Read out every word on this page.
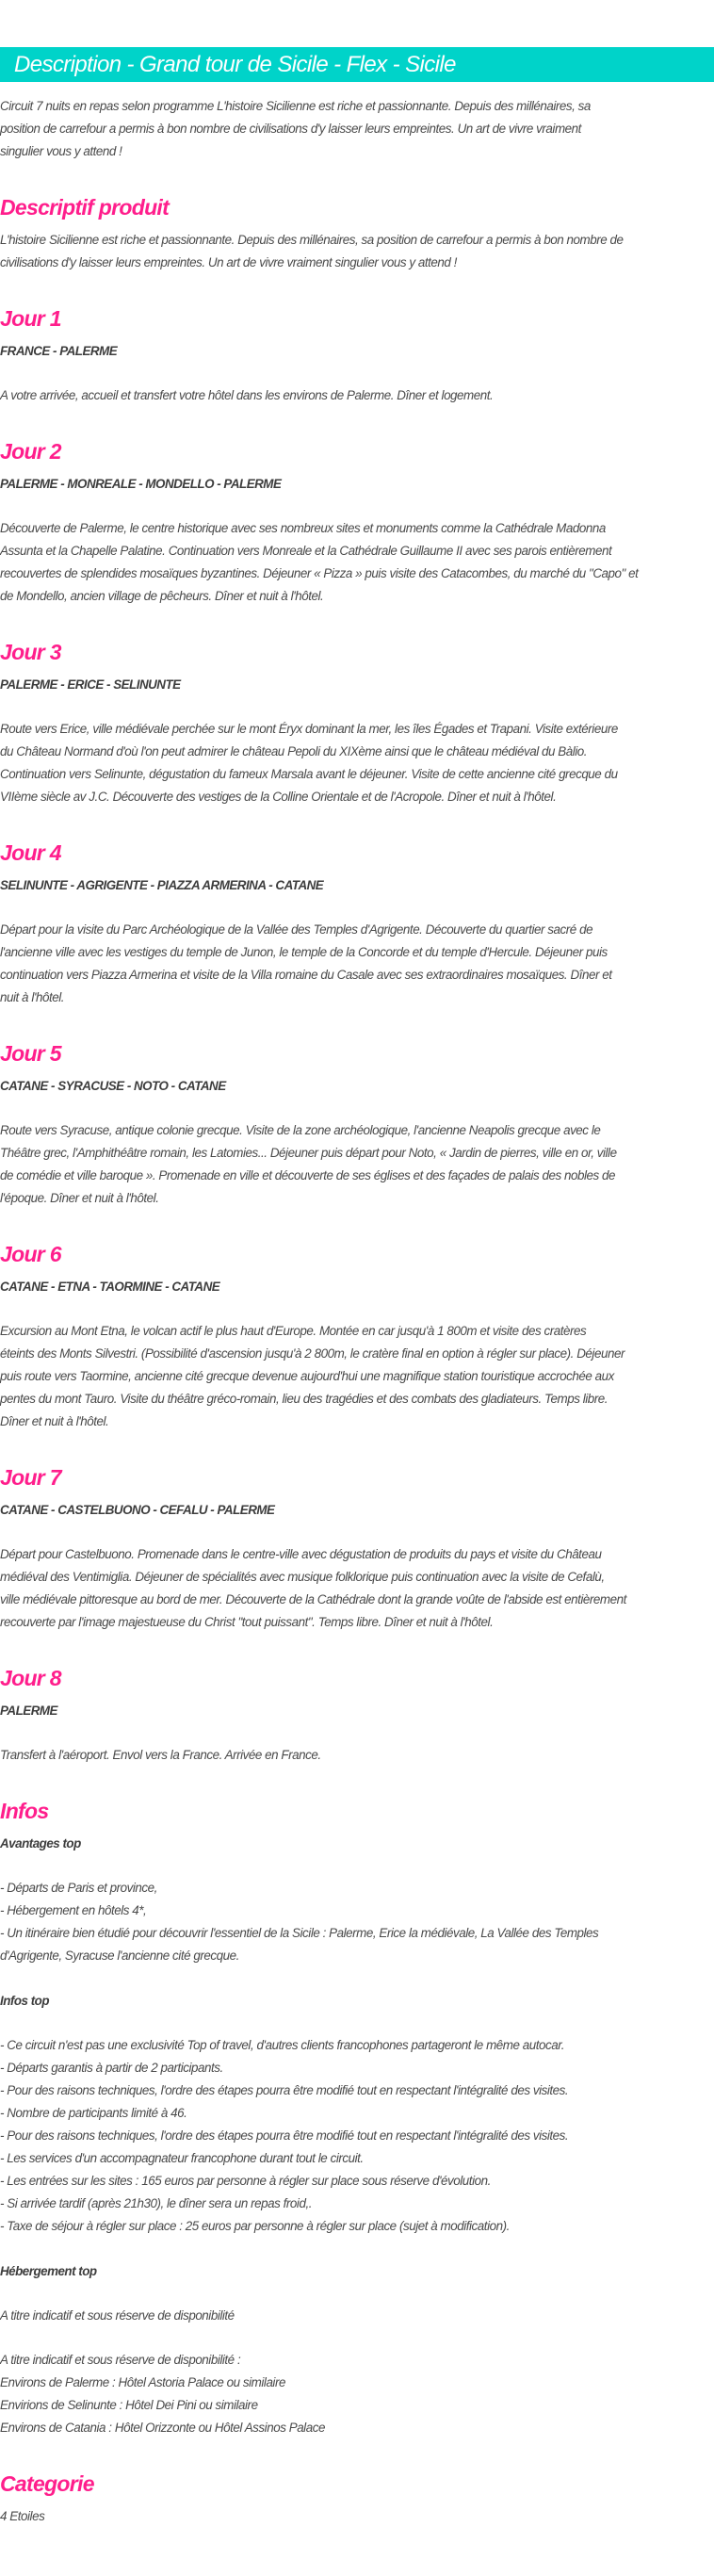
Description - Grand tour de Sicile - Flex - Sicile
Circuit 7 nuits en repas selon programme L'histoire Sicilienne est riche et passionnante. Depuis des millénaires, sa
position de carrefour a permis à bon nombre de civilisations d'y laisser leurs empreintes. Un art de vivre vraiment
singulier vous y attend !
Descriptif produit
L'histoire Sicilienne est riche et passionnante. Depuis des millénaires, sa position de carrefour a permis à bon nombre de
civilisations d'y laisser leurs empreintes. Un art de vivre vraiment singulier vous y attend !
Jour 1
FRANCE - PALERME
A votre arrivée, accueil et transfert votre hôtel dans les environs de Palerme. Dîner et logement.
Jour 2
PALERME - MONREALE - MONDELLO - PALERME
Découverte de Palerme, le centre historique avec ses nombreux sites et monuments comme la Cathédrale Madonna
Assunta et la Chapelle Palatine. Continuation vers Monreale et la Cathédrale Guillaume II avec ses parois entièrement
recouvertes de splendides mosaïques byzantines. Déjeuner « Pizza » puis visite des Catacombes, du marché du "Capo" et
de Mondello, ancien village de pêcheurs. Dîner et nuit à l'hôtel.
Jour 3
PALERME - ERICE - SELINUNTE
Route vers Erice, ville médiévale perchée sur le mont Éryx dominant la mer, les îles Égades et Trapani. Visite extérieure
du Château Normand d'où l'on peut admirer le château Pepoli du XIXème ainsi que le château médiéval du Bàlio.
Continuation vers Selinunte, dégustation du fameux Marsala avant le déjeuner. Visite de cette ancienne cité grecque du
VIIème siècle av J.C. Découverte des vestiges de la Colline Orientale et de l'Acropole. Dîner et nuit à l'hôtel.
Jour 4
SELINUNTE - AGRIGENTE - PIAZZA ARMERINA - CATANE
Départ pour la visite du Parc Archéologique de la Vallée des Temples d'Agrigente. Découverte du quartier sacré de
l'ancienne ville avec les vestiges du temple de Junon, le temple de la Concorde et du temple d'Hercule. Déjeuner puis
continuation vers Piazza Armerina et visite de la Villa romaine du Casale avec ses extraordinaires mosaïques. Dîner et
nuit à l'hôtel.
Jour 5
CATANE - SYRACUSE - NOTO - CATANE
Route vers Syracuse, antique colonie grecque. Visite de la zone archéologique, l'ancienne Neapolis grecque avec le
Théâtre grec, l'Amphithéâtre romain, les Latomies... Déjeuner puis départ pour Noto, « Jardin de pierres, ville en or, ville
de comédie et ville baroque ». Promenade en ville et découverte de ses églises et des façades de palais des nobles de
l'époque. Dîner et nuit à l'hôtel.
Jour 6
CATANE - ETNA - TAORMINE - CATANE
Excursion au Mont Etna, le volcan actif le plus haut d'Europe. Montée en car jusqu'à 1 800m et visite des cratères
éteints des Monts Silvestri. (Possibilité d'ascension jusqu'à 2 800m, le cratère final en option à régler sur place). Déjeuner
puis route vers Taormine, ancienne cité grecque devenue aujourd'hui une magnifique station touristique accrochée aux
pentes du mont Tauro. Visite du théâtre gréco-romain, lieu des tragédies et des combats des gladiateurs. Temps libre.
Dîner et nuit à l'hôtel.
Jour 7
CATANE - CASTELBUONO - CEFALU - PALERME
Départ pour Castelbuono. Promenade dans le centre-ville avec dégustation de produits du pays et visite du Château
médiéval des Ventimiglia. Déjeuner de spécialités avec musique folklorique puis continuation avec la visite de Cefalù,
ville médiévale pittoresque au bord de mer. Découverte de la Cathédrale dont la grande voûte de l'abside est entièrement
recouverte par l'image majestueuse du Christ "tout puissant". Temps libre. Dîner et nuit à l'hôtel.
Jour 8
PALERME
Transfert à l'aéroport. Envol vers la France. Arrivée en France.
Infos
Avantages top
- Départs de Paris et province,
- Hébergement en hôtels 4*,
- Un itinéraire bien étudié pour découvrir l'essentiel de la Sicile : Palerme, Erice la médiévale, La Vallée des Temples
d'Agrigente, Syracuse l'ancienne cité grecque.
Infos top
- Ce circuit n'est pas une exclusivité Top of travel, d'autres clients francophones partageront le même autocar.
- Départs garantis à partir de 2 participants.
- Pour des raisons techniques, l'ordre des étapes pourra être modifié tout en respectant l'intégralité des visites.
- Nombre de participants limité à 46.
- Pour des raisons techniques, l'ordre des étapes pourra être modifié tout en respectant l'intégralité des visites.
- Les services d'un accompagnateur francophone durant tout le circuit.
- Les entrées sur les sites : 165 euros par personne à régler sur place sous réserve d'évolution.
- Si arrivée tardif (après 21h30), le dîner sera un repas froid,.
- Taxe de séjour à régler sur place : 25 euros par personne à régler sur place (sujet à modification).
Hébergement top
A titre indicatif et sous réserve de disponibilité
A titre indicatif et sous réserve de disponibilité :
Environs de Palerme : Hôtel Astoria Palace ou similaire
Envirions de Selinunte : Hôtel Dei Pini ou similaire
Environs de Catania : Hôtel Orizzonte ou Hôtel Assinos Palace
Categorie
4 Etoiles
